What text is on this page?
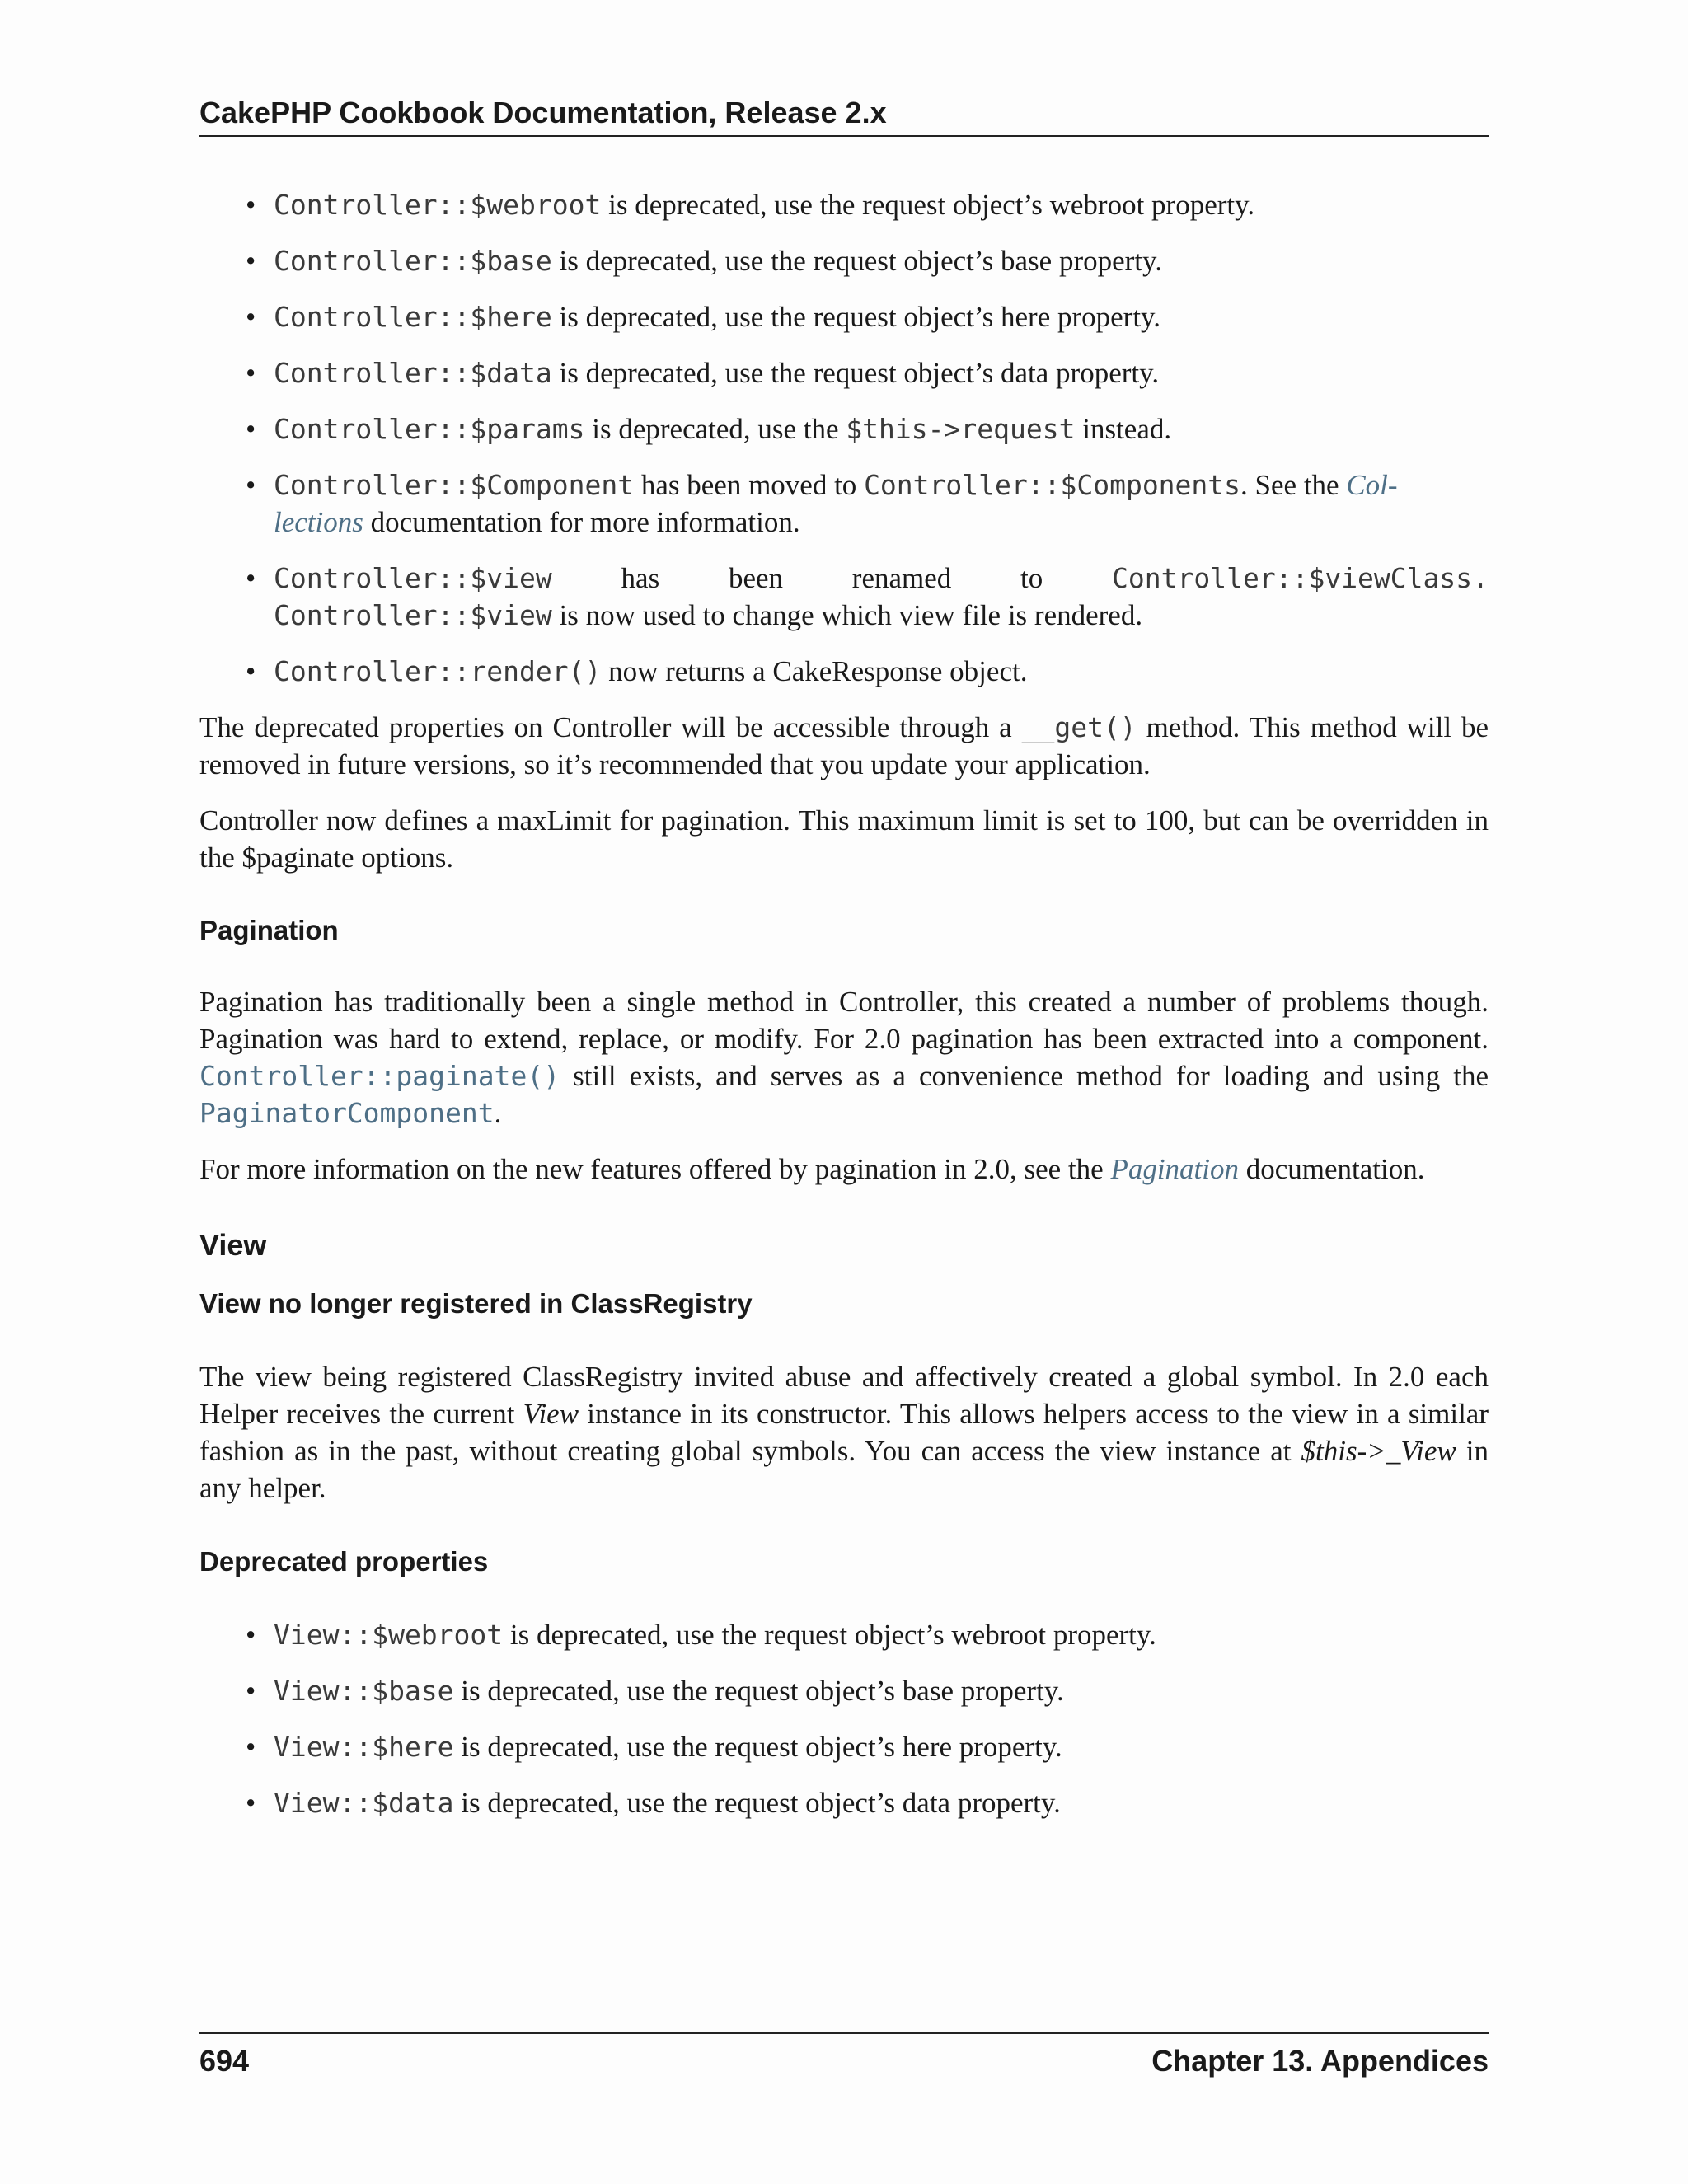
CakePHP Cookbook Documentation, Release 2.x
• Controller::$webroot is deprecated, use the request object’s webroot property.
• Controller::$base is deprecated, use the request object’s base property.
• Controller::$here is deprecated, use the request object’s here property.
• Controller::$data is deprecated, use the request object’s data property.
• Controller::$params is deprecated, use the $this->request instead.
• Controller::$Component has been moved to Controller::$Components. See the Col-
lections documentation for more information.
• Controller::$view has been renamed to	Controller::$viewClass.

Controller::$view is now used to change which view file is rendered.
• Controller::render() now returns a CakeResponse object.

The deprecated properties on Controller will be accessible through a __get() method. This method will be removed in future versions, so it’s recommended that you update your application.

Controller now defines a maxLimit for pagination. This maximum limit is set to 100, but can be overridden in the $paginate options.

Pagination

Pagination has traditionally been a single method in Controller, this created a number of problems though. Pagination was hard to extend, replace, or modify. For 2.0 pagination has been extracted into a component. Controller::paginate() still exists, and serves as a convenience method for loading and using the PaginatorComponent.

For more information on the new features offered by pagination in 2.0, see the Pagination documentation.

View
View no longer registered in ClassRegistry

The view being registered ClassRegistry invited abuse and affectively created a global symbol. In 2.0 each Helper receives the current View instance in its constructor. This allows helpers access to the view in a similar fashion as in the past, without creating global symbols. You can access the view instance at $this->_View in any helper.

Deprecated properties
• View::$webroot is deprecated, use the request object’s webroot property.
• View::$base is deprecated, use the request object’s base property.
• View::$here is deprecated, use the request object’s here property.
• View::$data is deprecated, use the request object’s data property.
694	Chapter 13. Appendices
